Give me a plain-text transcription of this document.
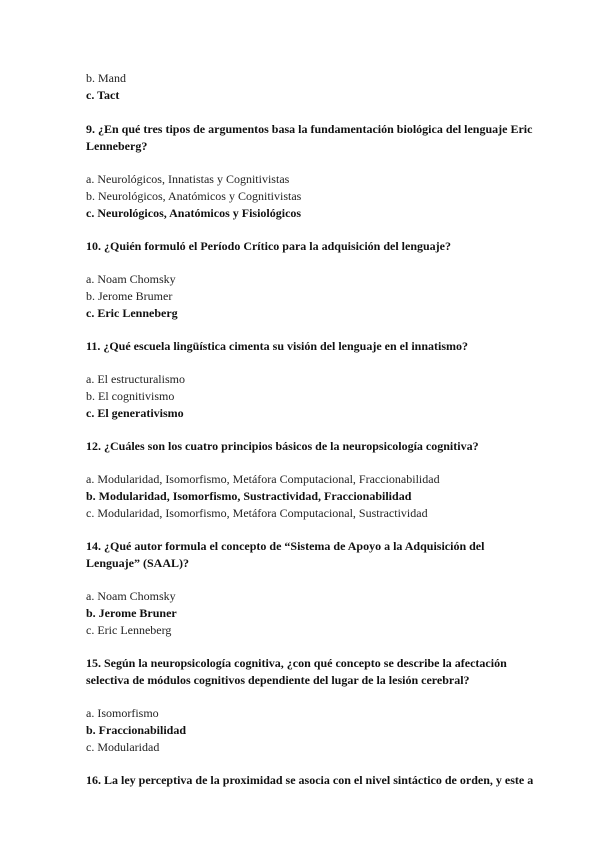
b. Mand
c. Tact
9. ¿En qué tres tipos de argumentos basa la fundamentación biológica del lenguaje Eric Lenneberg?
a. Neurológicos, Innatistas y Cognitivistas
b. Neurológicos, Anatómicos y Cognitivistas
c. Neurológicos, Anatómicos y Fisiológicos
10. ¿Quién formuló el Período Crítico para la adquisición del lenguaje?
a. Noam Chomsky
b. Jerome Brumer
c. Eric Lenneberg
11. ¿Qué escuela lingüística cimenta su visión del lenguaje en el innatismo?
a. El estructuralismo
b. El cognitivismo
c. El generativismo
12. ¿Cuáles son los cuatro principios básicos de la neuropsicología cognitiva?
a. Modularidad, Isomorfismo, Metáfora Computacional, Fraccionabilidad
b. Modularidad, Isomorfismo, Sustractividad, Fraccionabilidad
c. Modularidad, Isomorfismo, Metáfora Computacional, Sustractividad
14. ¿Qué autor formula el concepto de “Sistema de Apoyo a la Adquisición del Lenguaje” (SAAL)?
a. Noam Chomsky
b. Jerome Bruner
c. Eric Lenneberg
15. Según la neuropsicología cognitiva, ¿con qué concepto se describe la afectación selectiva de módulos cognitivos dependiente del lugar de la lesión cerebral?
a. Isomorfismo
b. Fraccionabilidad
c. Modularidad
16. La ley perceptiva de la proximidad se asocia con el nivel sintáctico de orden, y este a
